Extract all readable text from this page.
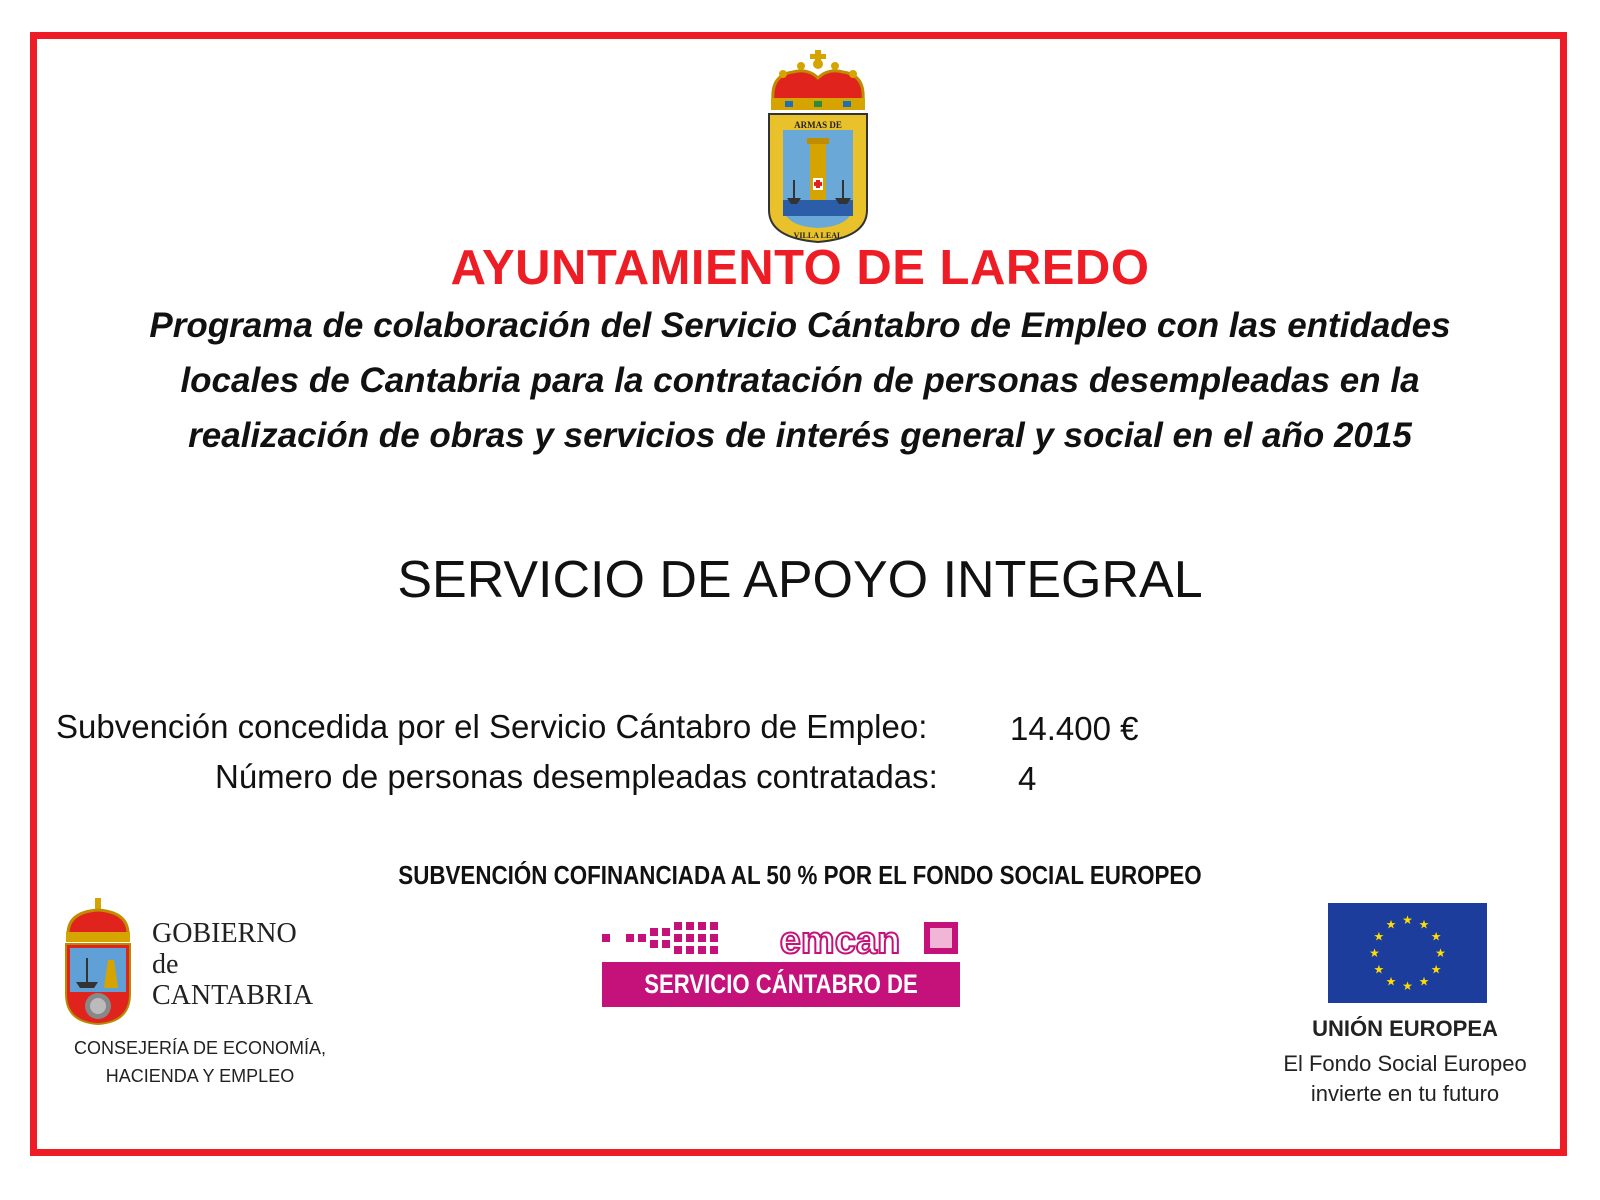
ARMAS DE
VILLA LEAL
AYUNTAMIENTO DE LAREDO
Programa de colaboración del Servicio Cántabro de Empleo con las entidades
locales de Cantabria para la contratación de personas desempleadas en la
realización de obras y servicios de interés general y social en el año 2015
SERVICIO DE APOYO INTEGRAL
Subvención concedida por el Servicio Cántabro de Empleo:	14.400 €
Número de personas desempleadas contratadas: 4
SUBVENCIÓN COFINANCIADA AL 50 % POR EL FONDO SOCIAL EUROPEO
GOBIERNO
de
CANTABRIA
CONSEJERÍA DE ECONOMÍA,
HACIENDA Y EMPLEO
emcan
SERVICIO CÁNTABRO DE EMPLEO
★ ★
★
★
★
★
★
★
★
★
★
★
UNIÓN EUROPEA
El Fondo Social Europeo
invierte en tu futuro
